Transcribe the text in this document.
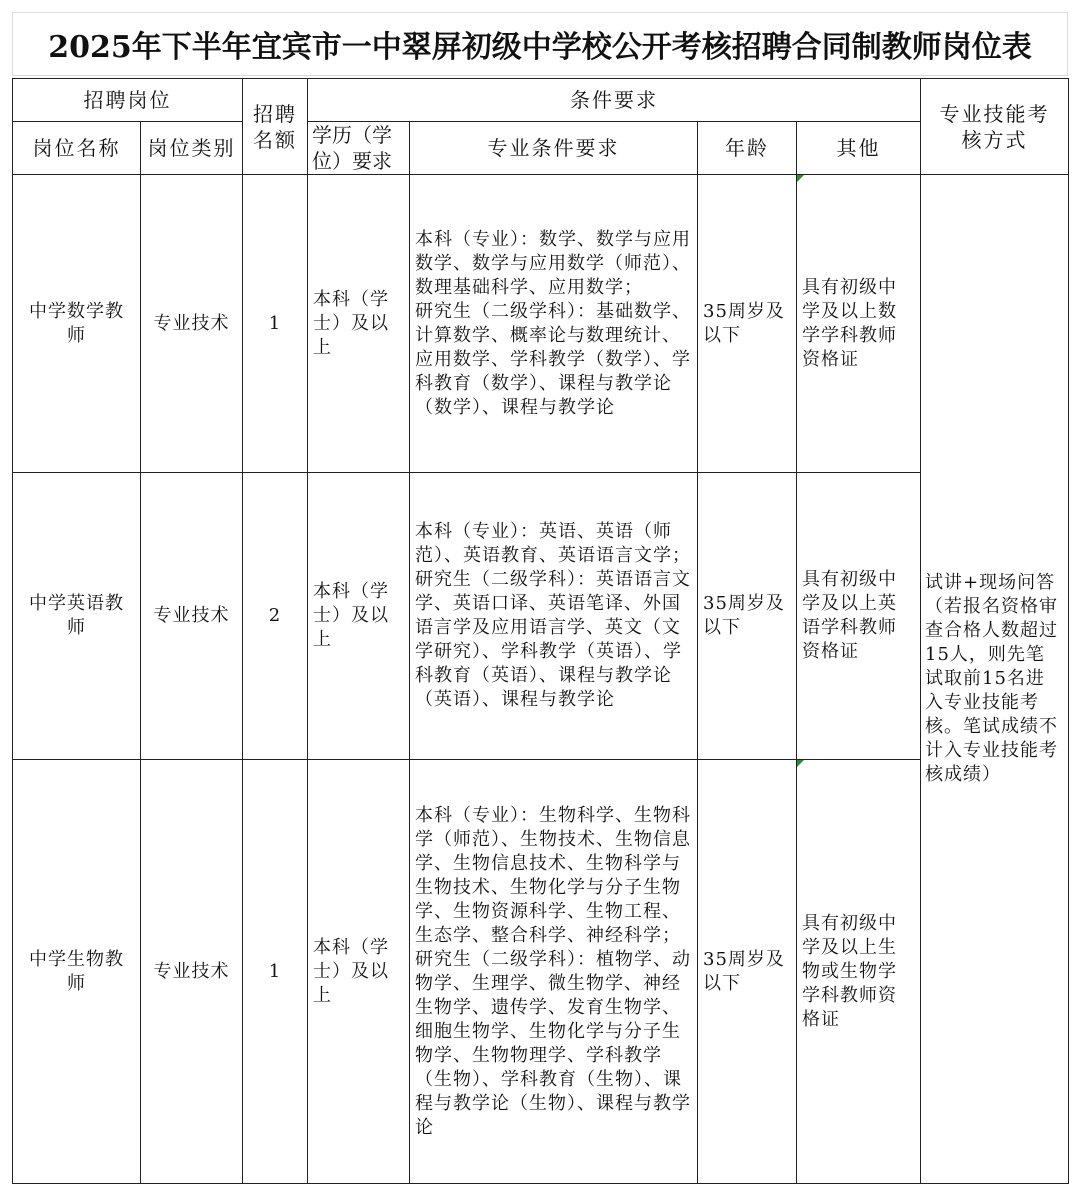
2025年下半年宜宾市一中翠屏初级中学校公开考核招聘合同制教师岗位表
招聘岗位		招聘名额	条件要求				专业技能考核方式
岗位名称	岗位类别		学历（学位）要求	专业条件要求	年龄	其他	
中学数学教师	专业技术	1	本科（学士）及以上	本科（专业）：数学、数学与应用数学、数学与应用数学（师范）、数理基础科学、应用数学；
研究生（二级学科）：基础数学、计算数学、概率论与数理统计、应用数学、学科教学（数学）、学科教育（数学）、课程与教学论（数学）、课程与教学论	35周岁及以下	具有初级中学及以上数学学科教师资格证	试讲+现场问答（若报名资格审查合格人数超过15人，则先笔试取前15名进入专业技能考核。笔试成绩不计入专业技能考核成绩）
中学英语教师	专业技术	2	本科（学士）及以上	本科（专业）：英语、英语（师范）、英语教育、英语语言文学；
研究生（二级学科）：英语语言文学、英语口译、英语笔译、外国语言学及应用语言学、英文（文学研究）、学科教学（英语）、学科教育（英语）、课程与教学论（英语）、课程与教学论	35周岁及以下	具有初级中学及以上英语学科教师资格证	
中学生物教师	专业技术	1	本科（学士）及以上	本科（专业）：生物科学、生物科学（师范）、生物技术、生物信息学、生物信息技术、生物科学与生物技术、生物化学与分子生物学、生物资源科学、生物工程、生态学、整合科学、神经科学；
研究生（二级学科）：植物学、动物学、生理学、微生物学、神经生物学、遗传学、发育生物学、细胞生物学、生物化学与分子生物学、生物物理学、学科教学（生物）、学科教育（生物）、课程与教学论（生物）、课程与教学论	35周岁及以下	具有初级中学及以上生物或生物学学科教师资格证	
